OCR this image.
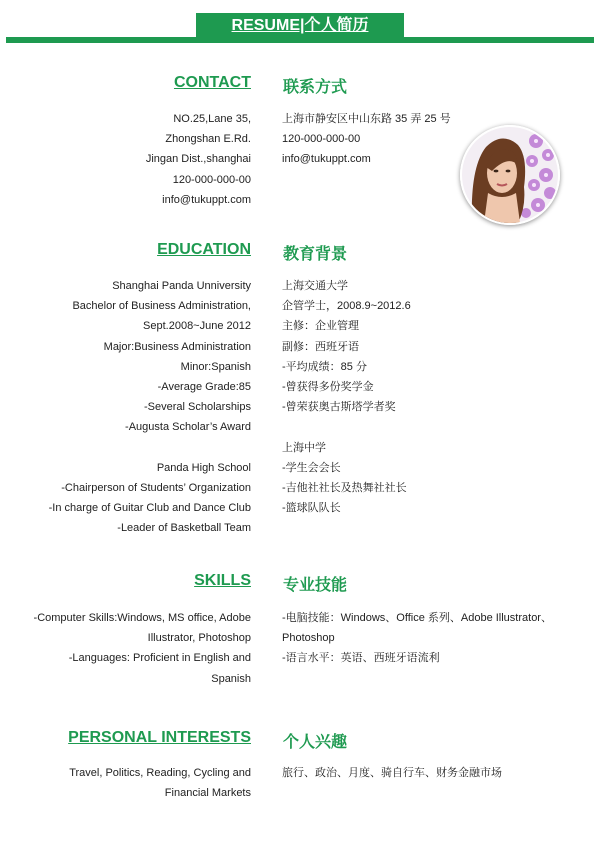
RESUME|个人简历
CONTACT 联系方式
NO.25,Lane 35,
Zhongshan E.Rd.
Jingan Dist.,shanghai
120-000-000-00
info@tukuppt.com
上海市静安区中山东路 35 弄 25 号
120-000-000-00
info@tukuppt.com
EDUCATION 教育背景
Shanghai Panda Unniversity
Bachelor of Business Administration,
Sept.2008~June 2012
Major:Business Administration
Minor:Spanish
-Average Grade:85
-Several Scholarships
-Augusta Scholar’s Award

Panda High School
-Chairperson of Students’ Organization
-In charge of Guitar Club and Dance Club
-Leader of Basketball Team
上海交通大学
企管学士，2008.9~2012.6
主修：企业管理
副修：西班牙语
-平均成绩：85 分
-曾获得多份奖学金
-曾荣获奥古斯塔学者奖

上海中学
-学生会会长
-吉他社社长及热舞社社长
-篮球队队长
SKILLS 专业技能
-Computer Skills:Windows, MS office, Adobe
Illustrator, Photoshop
-Languages: Proficient in English and
Spanish
-电脑技能：Windows、Office 系列、Adobe Illustrator、Photoshop
-语言水平：英语、西班牙语流利
PERSONAL INTERESTS 个人兴趣
Travel, Politics, Reading, Cycling and
Financial Markets
旅行、政治、月度、骑自行车、财务金融市场
